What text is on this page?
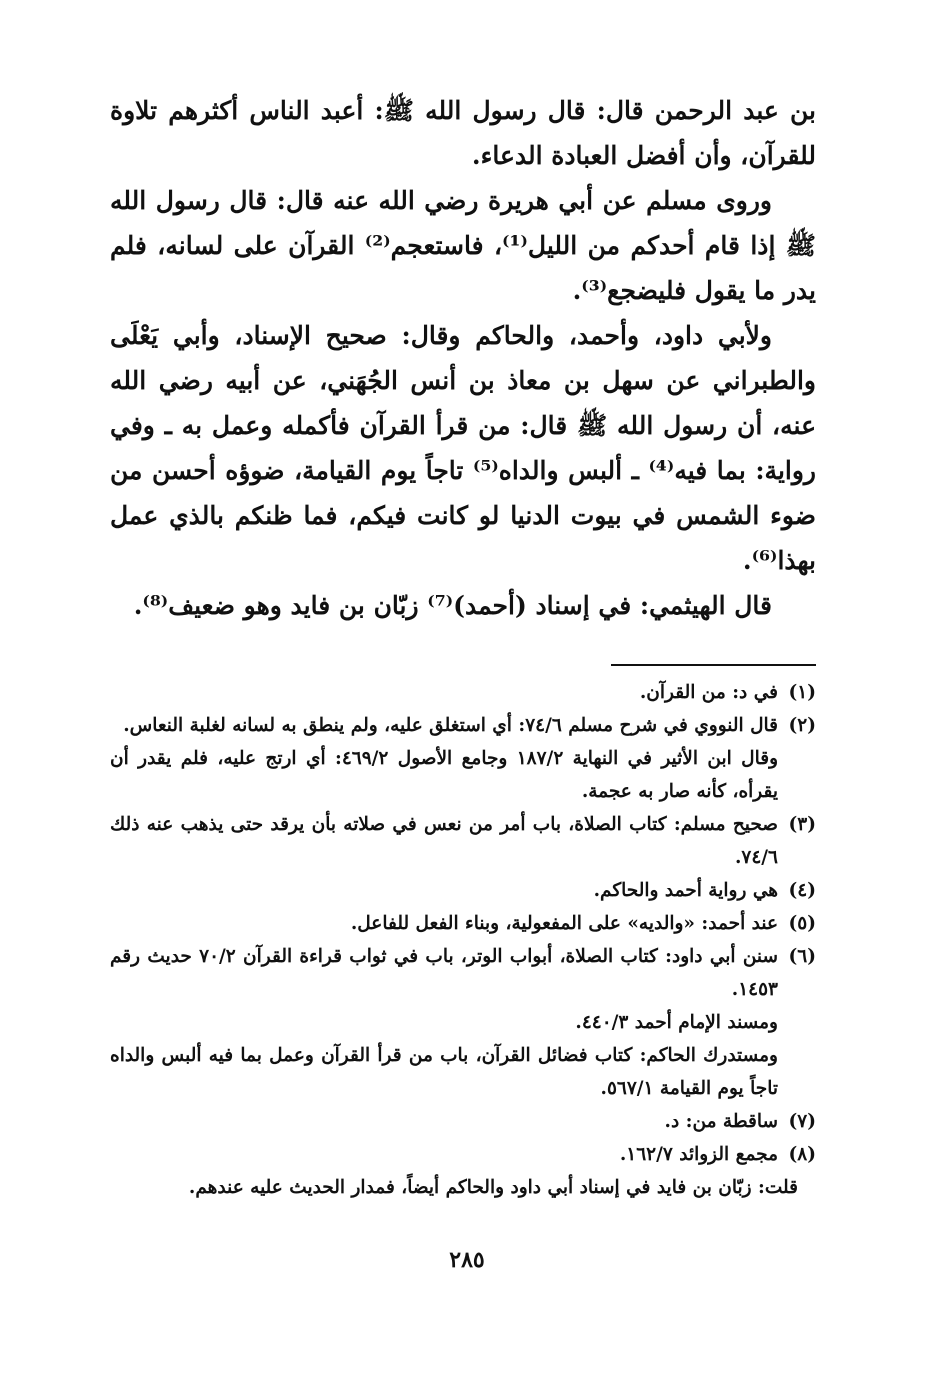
بن عبد الرحمن قال: قال رسول الله ﷺ: أعبد الناس أكثرهم تلاوة للقرآن، وأن أفضل العبادة الدعاء.

وروى مسلم عن أبي هريرة رضي الله عنه قال: قال رسول الله ﷺ إذا قام أحدكم من الليل⁽¹⁾، فاستعجم⁽²⁾ القرآن على لسانه، فلم يدر ما يقول فليضجع⁽³⁾.

ولأبي داود، وأحمد، والحاكم وقال: صحيح الإسناد، وأبي يَعْلَى والطبراني عن سهل بن معاذ بن أنس الجُهَني، عن أبيه رضي الله عنه، أن رسول الله ﷺ قال: من قرأ القرآن فأكمله وعمل به ـ وفي رواية: بما فيه⁽⁴⁾ ـ ألبس والداه⁽⁵⁾ تاجاً يوم القيامة، ضوؤه أحسن من ضوء الشمس في بيوت الدنيا لو كانت فيكم، فما ظنكم بالذي عمل بهذا⁽⁶⁾.

قال الهيثمي: في إسناد (أحمد)⁽⁷⁾ زبّان بن فايد وهو ضعيف⁽⁸⁾.

(١)
في د: من القرآن.
(٢)
قال النووي في شرح مسلم ٧٤/٦: أي استغلق عليه، ولم ينطق به لسانه لغلبة النعاس.
وقال ابن الأثير في النهاية ١٨٧/٢ وجامع الأصول ٤٦٩/٢: أي ارتج عليه، فلم يقدر أن يقرأه، كأنه صار به عجمة.
(٣)
صحيح مسلم: كتاب الصلاة، باب أمر من نعس في صلاته بأن يرقد حتى يذهب عنه ذلك ٧٤/٦.
(٤)
هي رواية أحمد والحاكم.
(٥)
عند أحمد: «والديه» على المفعولية، وبناء الفعل للفاعل.
(٦)
سنن أبي داود: كتاب الصلاة، أبواب الوتر، باب في ثواب قراءة القرآن ٧٠/٢ حديث رقم ١٤٥٣.
ومسند الإمام أحمد ٤٤٠/٣.
ومستدرك الحاكم: كتاب فضائل القرآن، باب من قرأ القرآن وعمل بما فيه ألبس والداه تاجاً يوم القيامة ٥٦٧/١.
(٧)
ساقطة من: د.
(٨)
مجمع الزوائد ١٦٢/٧.
قلت: زبّان بن فايد في إسناد أبي داود والحاكم أيضاً، فمدار الحديث عليه عندهم.
٢٨٥
